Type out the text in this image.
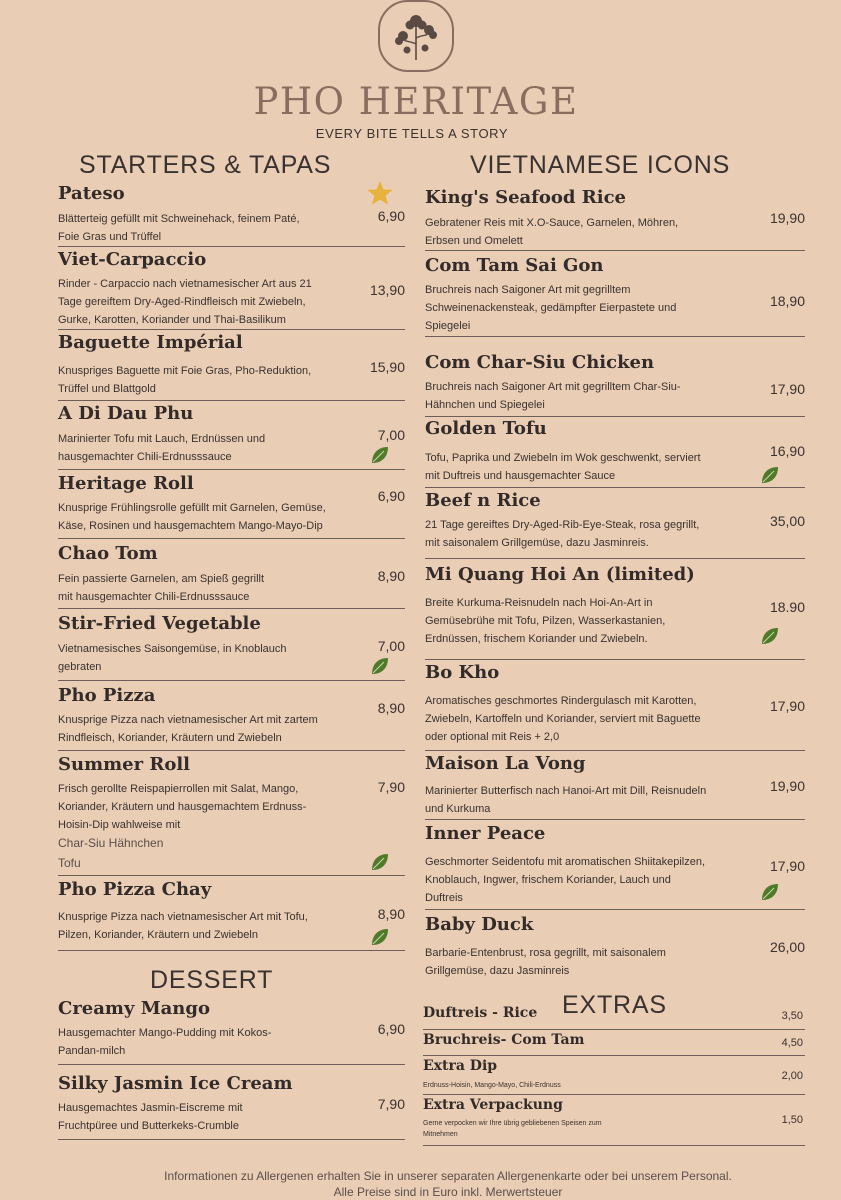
PHO HERITAGE
EVERY BITE TELLS A STORY
STARTERS & TAPAS	VIETNAMESE ICONS
DESSERT
EXTRAS
Pateso
Blätterteig gefüllt mit Schweinehack, feinem Paté,
Foie Gras und Trüffel
6,90
Viet-Carpaccio
Rinder - Carpaccio nach vietnamesischer Art aus 21
Tage gereiftem Dry-Aged-Rindfleisch mit Zwiebeln,
Gurke, Karotten, Koriander und Thai-Basilikum
13,90
Baguette Impérial
Knuspriges Baguette mit Foie Gras, Pho-Reduktion,
Trüffel und Blattgold
15,90
A Di Dau Phu
Marinierter Tofu mit Lauch, Erdnüssen und
hausgemachter Chili-Erdnusssauce
7,00
Heritage Roll
Knusprige Frühlingsrolle gefüllt mit Garnelen, Gemüse,
Käse, Rosinen und hausgemachtem Mango-Mayo-Dip
6,90
Chao Tom
Fein passierte Garnelen, am Spieß gegrillt
mit hausgemachter Chili-Erdnusssauce
8,90
Stir-Fried Vegetable
Vietnamesisches Saisongemüse, in Knoblauch
gebraten
7,00
Pho Pizza
Knusprige Pizza nach vietnamesischer Art mit zartem
Rindfleisch, Koriander, Kräutern und Zwiebeln
8,90
Summer Roll
Frisch gerollte Reispapierrollen mit Salat, Mango,
Koriander, Kräutern und hausgemachtem Erdnuss-
Hoisin-Dip wahlweise mit
Char-Siu Hähnchen
Tofu
7,90
Pho Pizza Chay
Knusprige Pizza nach vietnamesischer Art mit Tofu,
Pilzen, Koriander, Kräutern und Zwiebeln
8,90
Creamy Mango
Hausgemachter Mango-Pudding mit Kokos-
Pandan-milch
6,90
Silky Jasmin Ice Cream
Hausgemachtes Jasmin-Eiscreme mit
Fruchtpüree und Butterkeks-Crumble
7,90
King's Seafood Rice
Gebratener Reis mit X.O-Sauce, Garnelen, Möhren,
Erbsen und Omelett
19,90
Com Tam Sai Gon
Bruchreis nach Saigoner Art mit gegrilltem
Schweinenackensteak, gedämpfter Eierpastete und
Spiegelei
18,90
Com Char-Siu Chicken
Bruchreis nach Saigoner Art mit gegrilltem Char-Siu-
Hähnchen und Spiegelei
17,90
Golden Tofu
Tofu, Paprika und Zwiebeln im Wok geschwenkt, serviert
mit Duftreis und hausgemachter Sauce
16,90
Beef n Rice
21 Tage gereiftes Dry-Aged-Rib-Eye-Steak, rosa gegrillt,
mit saisonalem Grillgemüse, dazu Jasminreis.
35,00
Mi Quang Hoi An (limited)
Breite Kurkuma-Reisnudeln nach Hoi-An-Art in
Gemüsebrühe mit Tofu, Pilzen, Wasserkastanien,
Erdnüssen, frischem Koriander und Zwiebeln.
18.90
Bo Kho
Aromatisches geschmortes Rindergulasch mit Karotten,
Zwiebeln, Kartoffeln und Koriander, serviert mit Baguette
oder optional mit Reis + 2,0
17,90
Maison La Vong
Marinierter Butterfisch nach Hanoi-Art mit Dill, Reisnudeln
und Kurkuma
19,90
Inner Peace
Geschmorter Seidentofu mit aromatischen Shiitakepilzen,
Knoblauch, Ingwer, frischem Koriander, Lauch und
Duftreis
17,90
Baby Duck
Barbarie-Entenbrust, rosa gegrillt, mit saisonalem
Grillgemüse, dazu Jasminreis
26,00
Duftreis - Rice	3,50
Bruchreis- Com Tam	4,50
Extra Dip
Erdnuss-Hoisin, Mango-Mayo, Chili-Erdnuss
2,00
Extra Verpackung
Gerne verpocken wir Ihre übrig gebliebenen Speisen zum
Mitnehmen
1,50
Informationen zu Allergenen erhalten Sie in unserer separaten Allergenenkarte oder bei unserem Personal.
Alle Preise sind in Euro inkl. Merwertsteuer
